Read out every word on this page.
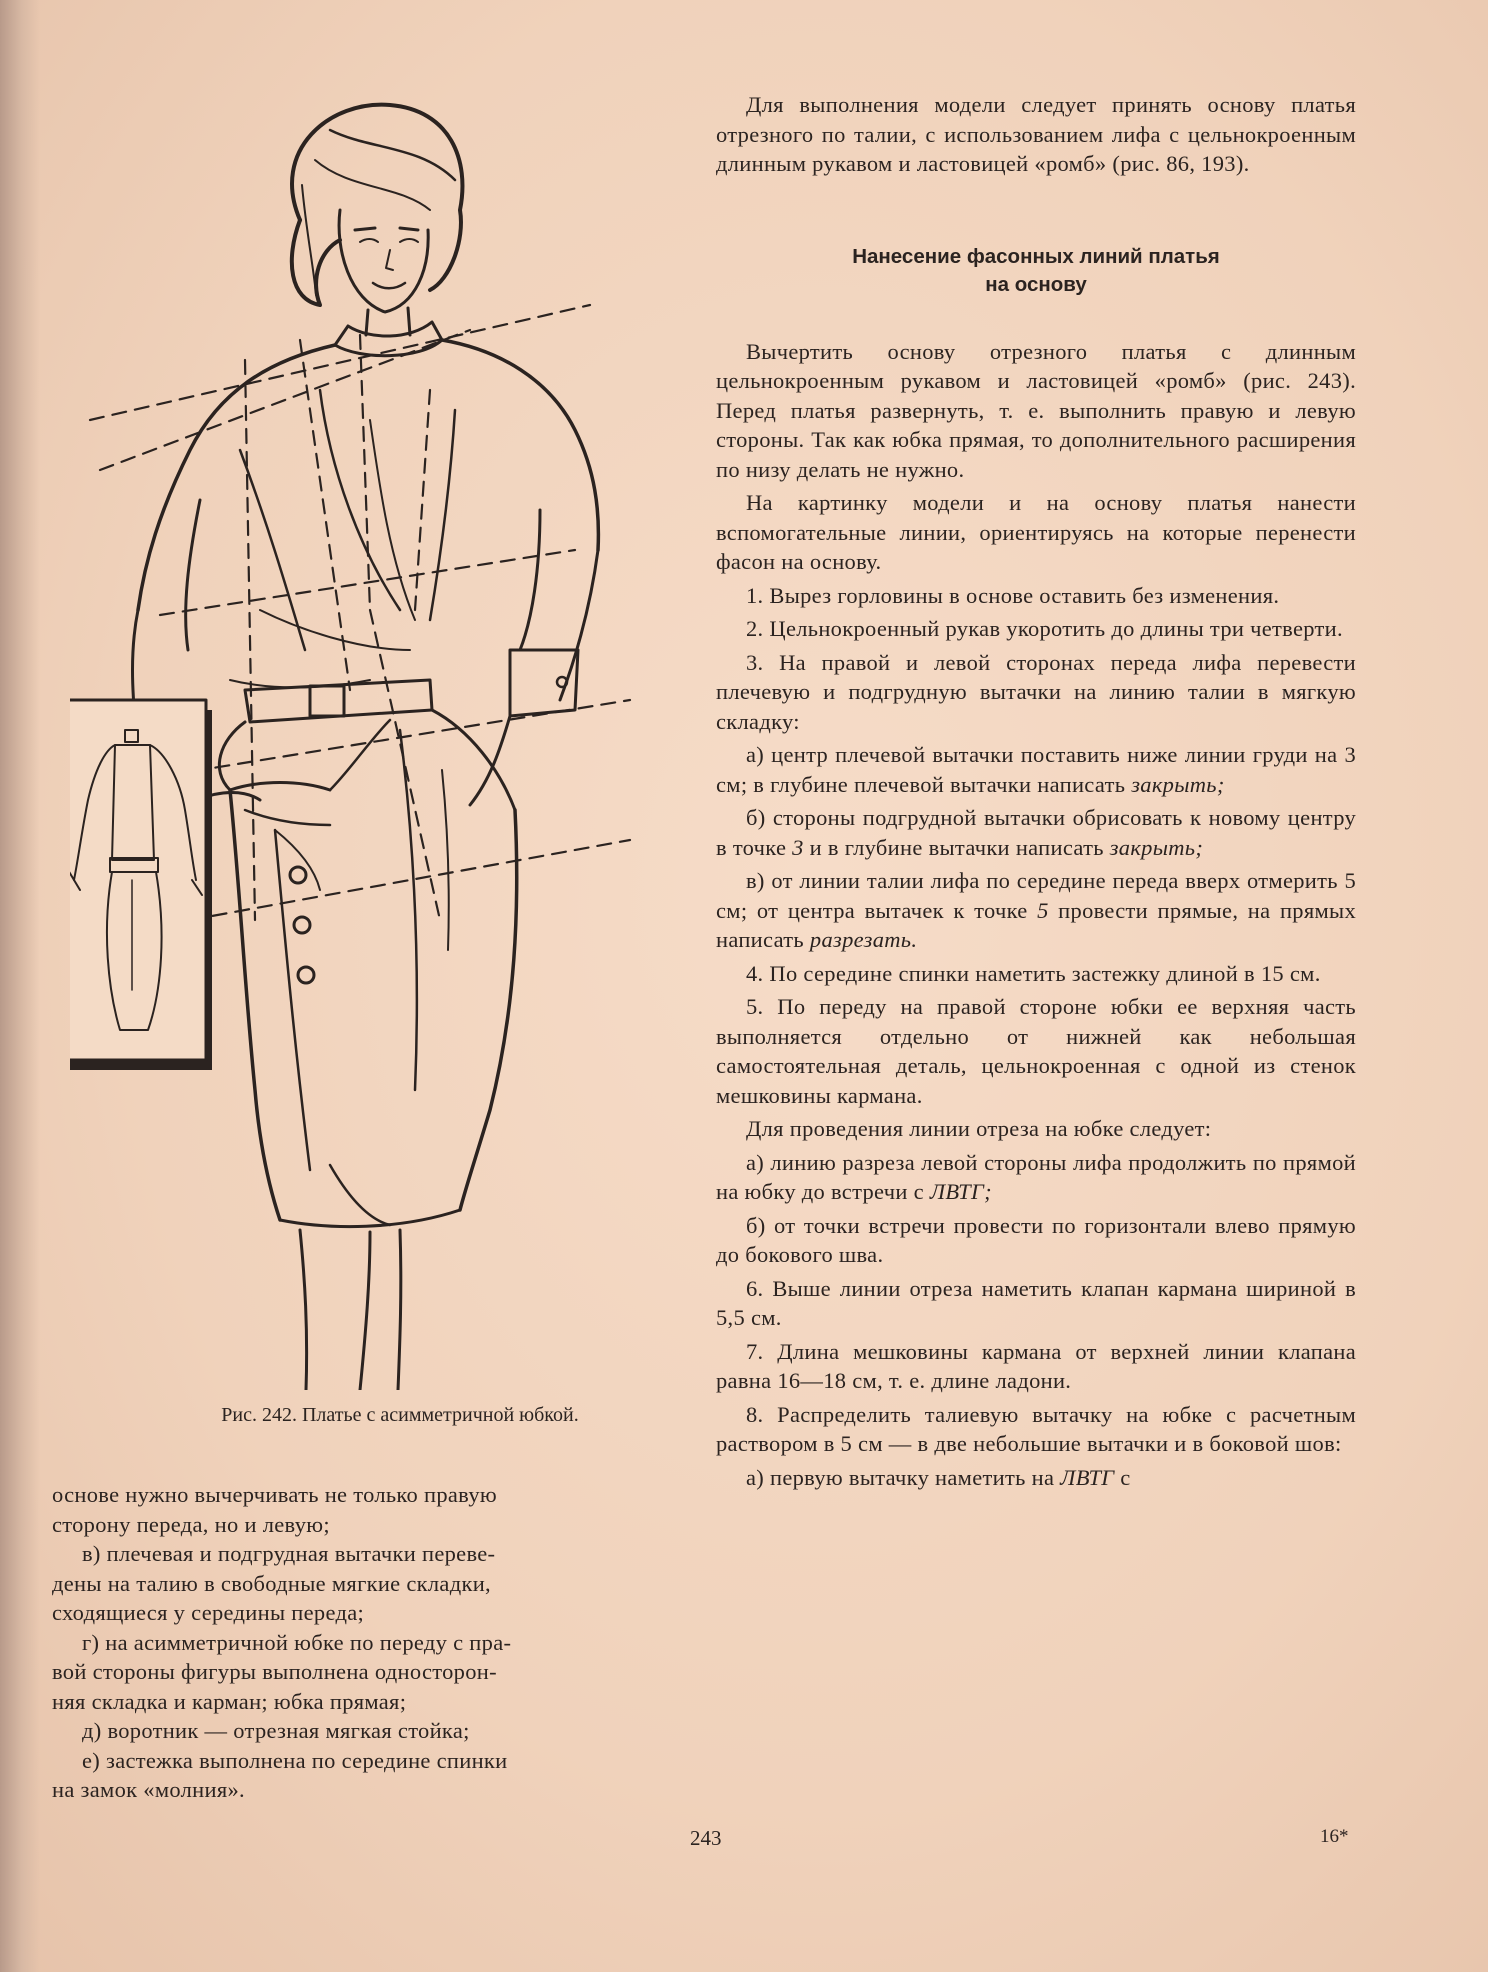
Рис. 242. Платье с асимметричной юбкой.

основе нужно вычерчивать не только правую

сторону переда, но и левую;

в) плечевая и подгрудная вытачки переве-

дены на талию в свободные мягкие складки,

сходящиеся у середины переда;

г) на асимметричной юбке по переду с пра-

вой стороны фигуры выполнена односторон-

няя складка и карман; юбка прямая;

д) воротник — отрезная мягкая стойка;

е) застежка выполнена по середине спинки

на замок «молния».

Для выполнения модели следует принять основу платья отрезного по талии, с использованием лифа с цельнокроенным длинным рукавом и ластовицей «ромб» (рис. 86, 193).

Нанесение фасонных линий платья
на основу

Вычертить основу отрезного платья с длинным цельнокроенным рукавом и ластовицей «ромб» (рис. 243). Перед платья развернуть, т. е. выполнить правую и левую стороны. Так как юбка прямая, то дополнительного расширения по низу делать не нужно.

На картинку модели и на основу платья нанести вспомогательные линии, ориентируясь на которые перенести фасон на основу.

1. Вырез горловины в основе оставить без изменения.

2. Цельнокроенный рукав укоротить до длины три четверти.

3. На правой и левой сторонах переда лифа перевести плечевую и подгрудную вытачки на линию талии в мягкую складку:

а) центр плечевой вытачки поставить ниже линии груди на 3 см; в глубине плечевой вытачки написать закрыть;

б) стороны подгрудной вытачки обрисовать к новому центру в точке 3 и в глубине вытачки написать закрыть;

в) от линии талии лифа по середине переда вверх отмерить 5 см; от центра вытачек к точке 5 провести прямые, на прямых написать разрезать.

4. По середине спинки наметить застежку длиной в 15 см.

5. По переду на правой стороне юбки ее верхняя часть выполняется отдельно от нижней как небольшая самостоятельная деталь, цельнокроенная с одной из стенок мешковины кармана.

Для проведения линии отреза на юбке следует:

а) линию разреза левой стороны лифа продолжить по прямой на юбку до встречи с ЛВТГ;

б) от точки встречи провести по горизонтали влево прямую до бокового шва.

6. Выше линии отреза наметить клапан кармана шириной в 5,5 см.

7. Длина мешковины кармана от верхней линии клапана равна 16—18 см, т. е. длине ладони.

8. Распределить талиевую вытачку на юбке с расчетным раствором в 5 см — в две небольшие вытачки и в боковой шов:

а) первую вытачку наметить на ЛВТГ с

243	16*
